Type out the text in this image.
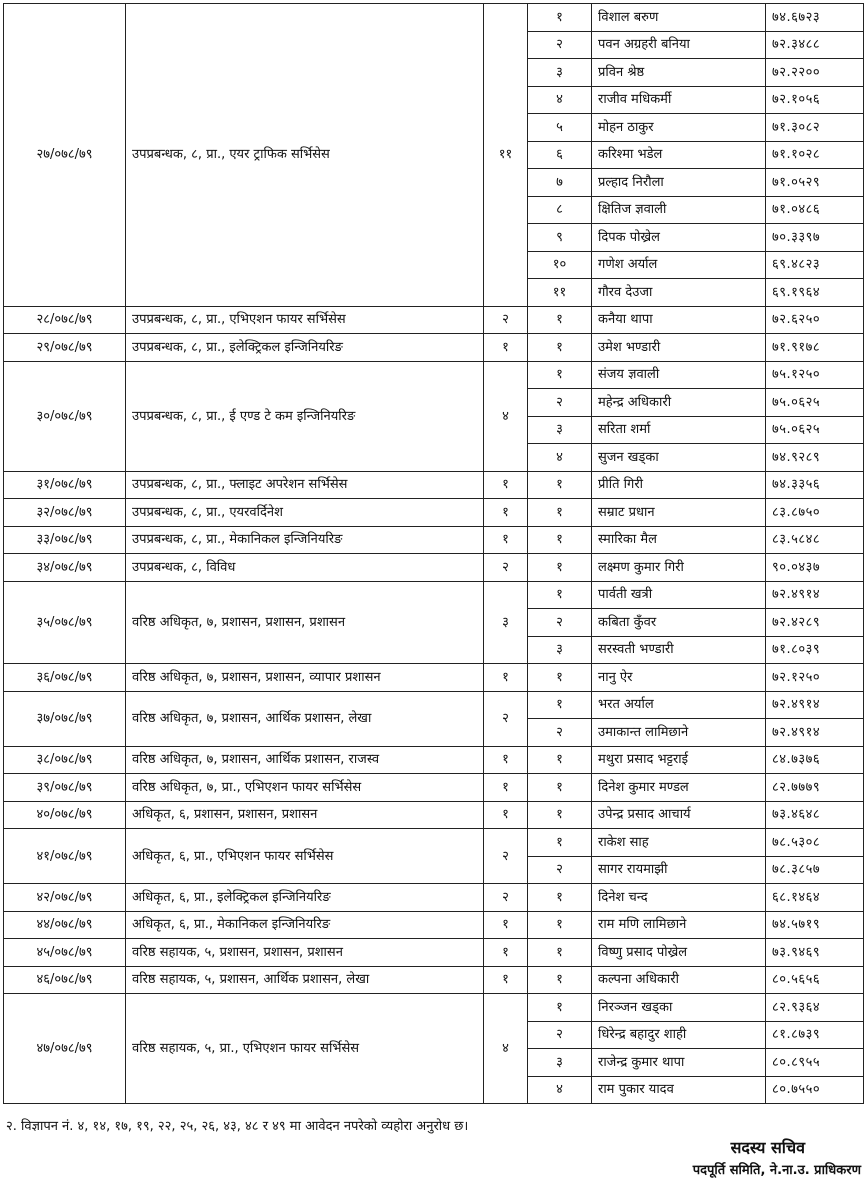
२७/०७८/७९	उपप्रबन्धक, ८, प्रा., एयर ट्राफिक सर्भिसेस	११	१	विशाल बरुण	७४.६७२३
			२	पवन अग्रहरी बनिया	७२.३४८८
			३	प्रविन श्रेष्ठ	७२.२२००
			४	राजीव मधिकर्मी	७२.१०५६
			५	मोहन ठाकुर	७१.३०८२
			६	करिश्मा भडेल	७१.१०२८
			७	प्रल्हाद निरौला	७१.०५२९
			८	क्षितिज ज्ञवाली	७१.०४८६
			९	दिपक पोख्रेल	७०.३३९७
			१०	गणेश अर्याल	६९.४८२३
			११	गौरव देउजा	६९.१९६४
२८/०७८/७९	उपप्रबन्धक, ८, प्रा., एभिएशन फायर सर्भिसेस	२	१	कनैया थापा	७२.६२५०
२९/०७८/७९	उपप्रबन्धक, ८, प्रा., इलेक्ट्रिकल इन्जिनियरिङ	१	१	उमेश भण्डारी	७१.९१७८
३०/०७८/७९	उपप्रबन्धक, ८, प्रा., ई एण्ड टे कम इन्जिनियरिङ	४	१	संजय ज्ञवाली	७५.१२५०
			२	महेन्द्र अधिकारी	७५.०६२५
			३	सरिता शर्मा	७५.०६२५
			४	सुजन खड्का	७४.९२८९
३१/०७८/७९	उपप्रबन्धक, ८, प्रा., फ्लाइट अपरेशन सर्भिसेस	१	१	प्रीति गिरी	७४.३३५६
३२/०७८/७९	उपप्रबन्धक, ८, प्रा., एयरवर्दिनेश	१	१	सम्राट प्रधान	८३.८७५०
३३/०७८/७९	उपप्रबन्धक, ८, प्रा., मेकानिकल इन्जिनियरिङ	१	१	स्मारिका मैल	८३.५८४८
३४/०७८/७९	उपप्रबन्धक, ८, विविध	२	१	लक्ष्मण कुमार गिरी	९०.०४३७
३५/०७८/७९	वरिष्ठ अधिकृत, ७, प्रशासन, प्रशासन, प्रशासन	३	१	पार्वती खत्री	७२.४९१४
			२	कबिता कुँवर	७२.४२८९
			३	सरस्वती भण्डारी	७१.८०३९
३६/०७८/७९	वरिष्ठ अधिकृत, ७, प्रशासन, प्रशासन, व्यापार प्रशासन	१	१	नानु ऐर	७२.१२५०
३७/०७८/७९	वरिष्ठ अधिकृत, ७, प्रशासन, आर्थिक प्रशासन, लेखा	२	१	भरत अर्याल	७२.४९१४
			२	उमाकान्त लामिछाने	७२.४९१४
३८/०७८/७९	वरिष्ठ अधिकृत, ७, प्रशासन, आर्थिक प्रशासन, राजस्व	१	१	मथुरा प्रसाद भट्टराई	८४.७३७६
३९/०७८/७९	वरिष्ठ अधिकृत, ७, प्रा., एभिएशन फायर सर्भिसेस	१	१	दिनेश कुमार मण्डल	८२.७७७९
४०/०७८/७९	अधिकृत, ६, प्रशासन, प्रशासन, प्रशासन	१	१	उपेन्द्र प्रसाद आचार्य	७३.४६४८
४१/०७८/७९	अधिकृत, ६, प्रा., एभिएशन फायर सर्भिसेस	२	१	राकेश साह	७८.५३०८
			२	सागर रायमाझी	७८.३८५७
४२/०७८/७९	अधिकृत, ६, प्रा., इलेक्ट्रिकल इन्जिनियरिङ	२	१	दिनेश चन्द	६८.१४६४
४४/०७८/७९	अधिकृत, ६, प्रा., मेकानिकल इन्जिनियरिङ	१	१	राम मणि लामिछाने	७४.५७१९
४५/०७८/७९	वरिष्ठ सहायक, ५, प्रशासन, प्रशासन, प्रशासन	१	१	विष्णु प्रसाद पोख्रेल	७३.९४६९
४६/०७८/७९	वरिष्ठ सहायक, ५, प्रशासन, आर्थिक प्रशासन, लेखा	१	१	कल्पना अधिकारी	८०.५६५६
४७/०७८/७९	वरिष्ठ सहायक, ५, प्रा., एभिएशन फायर सर्भिसेस	४	१	निरञ्जन खड्का	८२.९३६४
			२	धिरेन्द्र बहादुर शाही	८१.८७३९
			३	राजेन्द्र कुमार थापा	८०.८९५५
			४	राम पुकार यादव	८०.७५५०
२. विज्ञापन नं. ४, १४, १७, १९, २२, २५, २६, ४३, ४८ र ४९ मा आवेदन नपरेको व्यहोरा अनुरोध छ।
सदस्य सचिव
पदपूर्ति समिति, ने.ना.उ. प्राधिकरण
